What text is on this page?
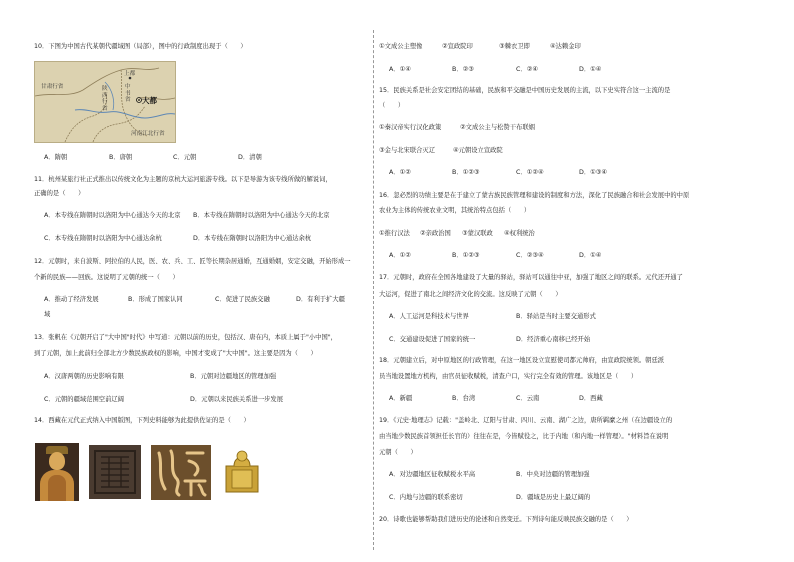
10．下图为中国古代某朝代疆域图（局部），图中的行政制度出现于（　　）
上都
甘肃行省	陕西行省
中书省 大都
河南江北行省
A．隋朝	B．唐朝	C．元朝	D．清朝
11．杭州某旅行社正式推出以传统文化为主题的京杭大运河旅游专线。以下是导游为该专线所做的解说词，
正确的是（　　）
A．本专线在隋朝时以洛阳为中心通达今天的北京 B．本专线在隋朝时以洛阳为中心通达今天的北京
C．本专线在隋朝时以洛阳为中心通达余杭	D．本专线在隋朝时以洛阳为中心通达余杭
12．元朝时，来自波斯、阿拉伯的人民，医、农、兵、工、匠等长期杂居通婚，互通婚姻，安定交融，开始形成一
个新的民族——回族。这说明了元朝的统一（　　）
A．推动了经济发展	B．形成了国家认同	C．促进了民族交融	D．有利于扩大疆
域
13．张帆在《元朝开启了"大中国"时代》中写道：元朝以前的历史，包括汉、唐在内，本质上属于"小中国"，
到了元朝，加上此前归全部北方少数民族政权的影响，中国才变成了"大中国"。这主要是因为（　　）
A．汉唐两朝的历史影响有限	B．元朝对边疆地区的管理加强
C．元朝的疆域范围空前辽阔	D．元朝以来民族关系进一步发展
14．西藏在元代正式纳入中国版图，下列史料能够为此提供佐证的是（　　）
①文成公主塑像	②宣政院印	③棘衣卫即	④达赖金印
A．①④	B．②③	C．②④	D．①④
15．民族关系是社会安定团结的基础，民族和平交融是中国历史发展的主流，以下史实符合这一主流的是
（　　）
①秦汉帝实行汉化政策	②文成公主与松赞干布联姻
③金与北宋联合灭辽	④元朝设立宣政院
A．①②	B．①②③	C．①②④	D．①③④
16．忽必烈的功绩主要是在于建立了蒙古族民族管理和建设的制度和方法，深化了民族融合和社会发展中的中原
农业为主体的传统农业文明，其统治特点包括（　　）
①推行汉法 ②亲政治国 ③蒙汉联政 ④权利统治
A．①②	B．①②③	C．②③④	D．①④
17．元朝时，政府在全国各地建设了大量的驿站，驿站可以通往中亚，加强了地区之间的联系。元代还开通了
大运河，促进了南北之间经济文化的交流。这反映了元朝（　　）
A．人工运河是科技术与世界	B．驿站是当时主要交通形式
C．交通建设促进了国家的统一	D．经济重心南移已经开始
18．元朝建立后，对中原地区的行政管理，在这一地区设立宣慰使司都元帅府，由宣政院统领。朝廷派
员当地设置地方机构，由官员征收赋税，清查户口，实行完全有效的管理。该地区是（　　）
A．新疆	B．台湾	C．云南	D．西藏
19．《元史·地理志》记载："盖岭北、辽阳与甘肃、四川、云南、湖广之边，唐所羁縻之州（在边疆设立的
由当地少数民族首领担任长官的）往往在是，今皆赋役之，比于内地（和内地一样管理）。"材料旨在说明
元朝（　　）
A．对边疆地区征收赋税水平高	B．中央对边疆的管理加强
C．内地与边疆的联系密切	D．疆域是历史上最辽阔的
20．诗歌也能够帮助我们进历史的论述和自然变迁。下列诗句能反映民族交融的是（　　）
